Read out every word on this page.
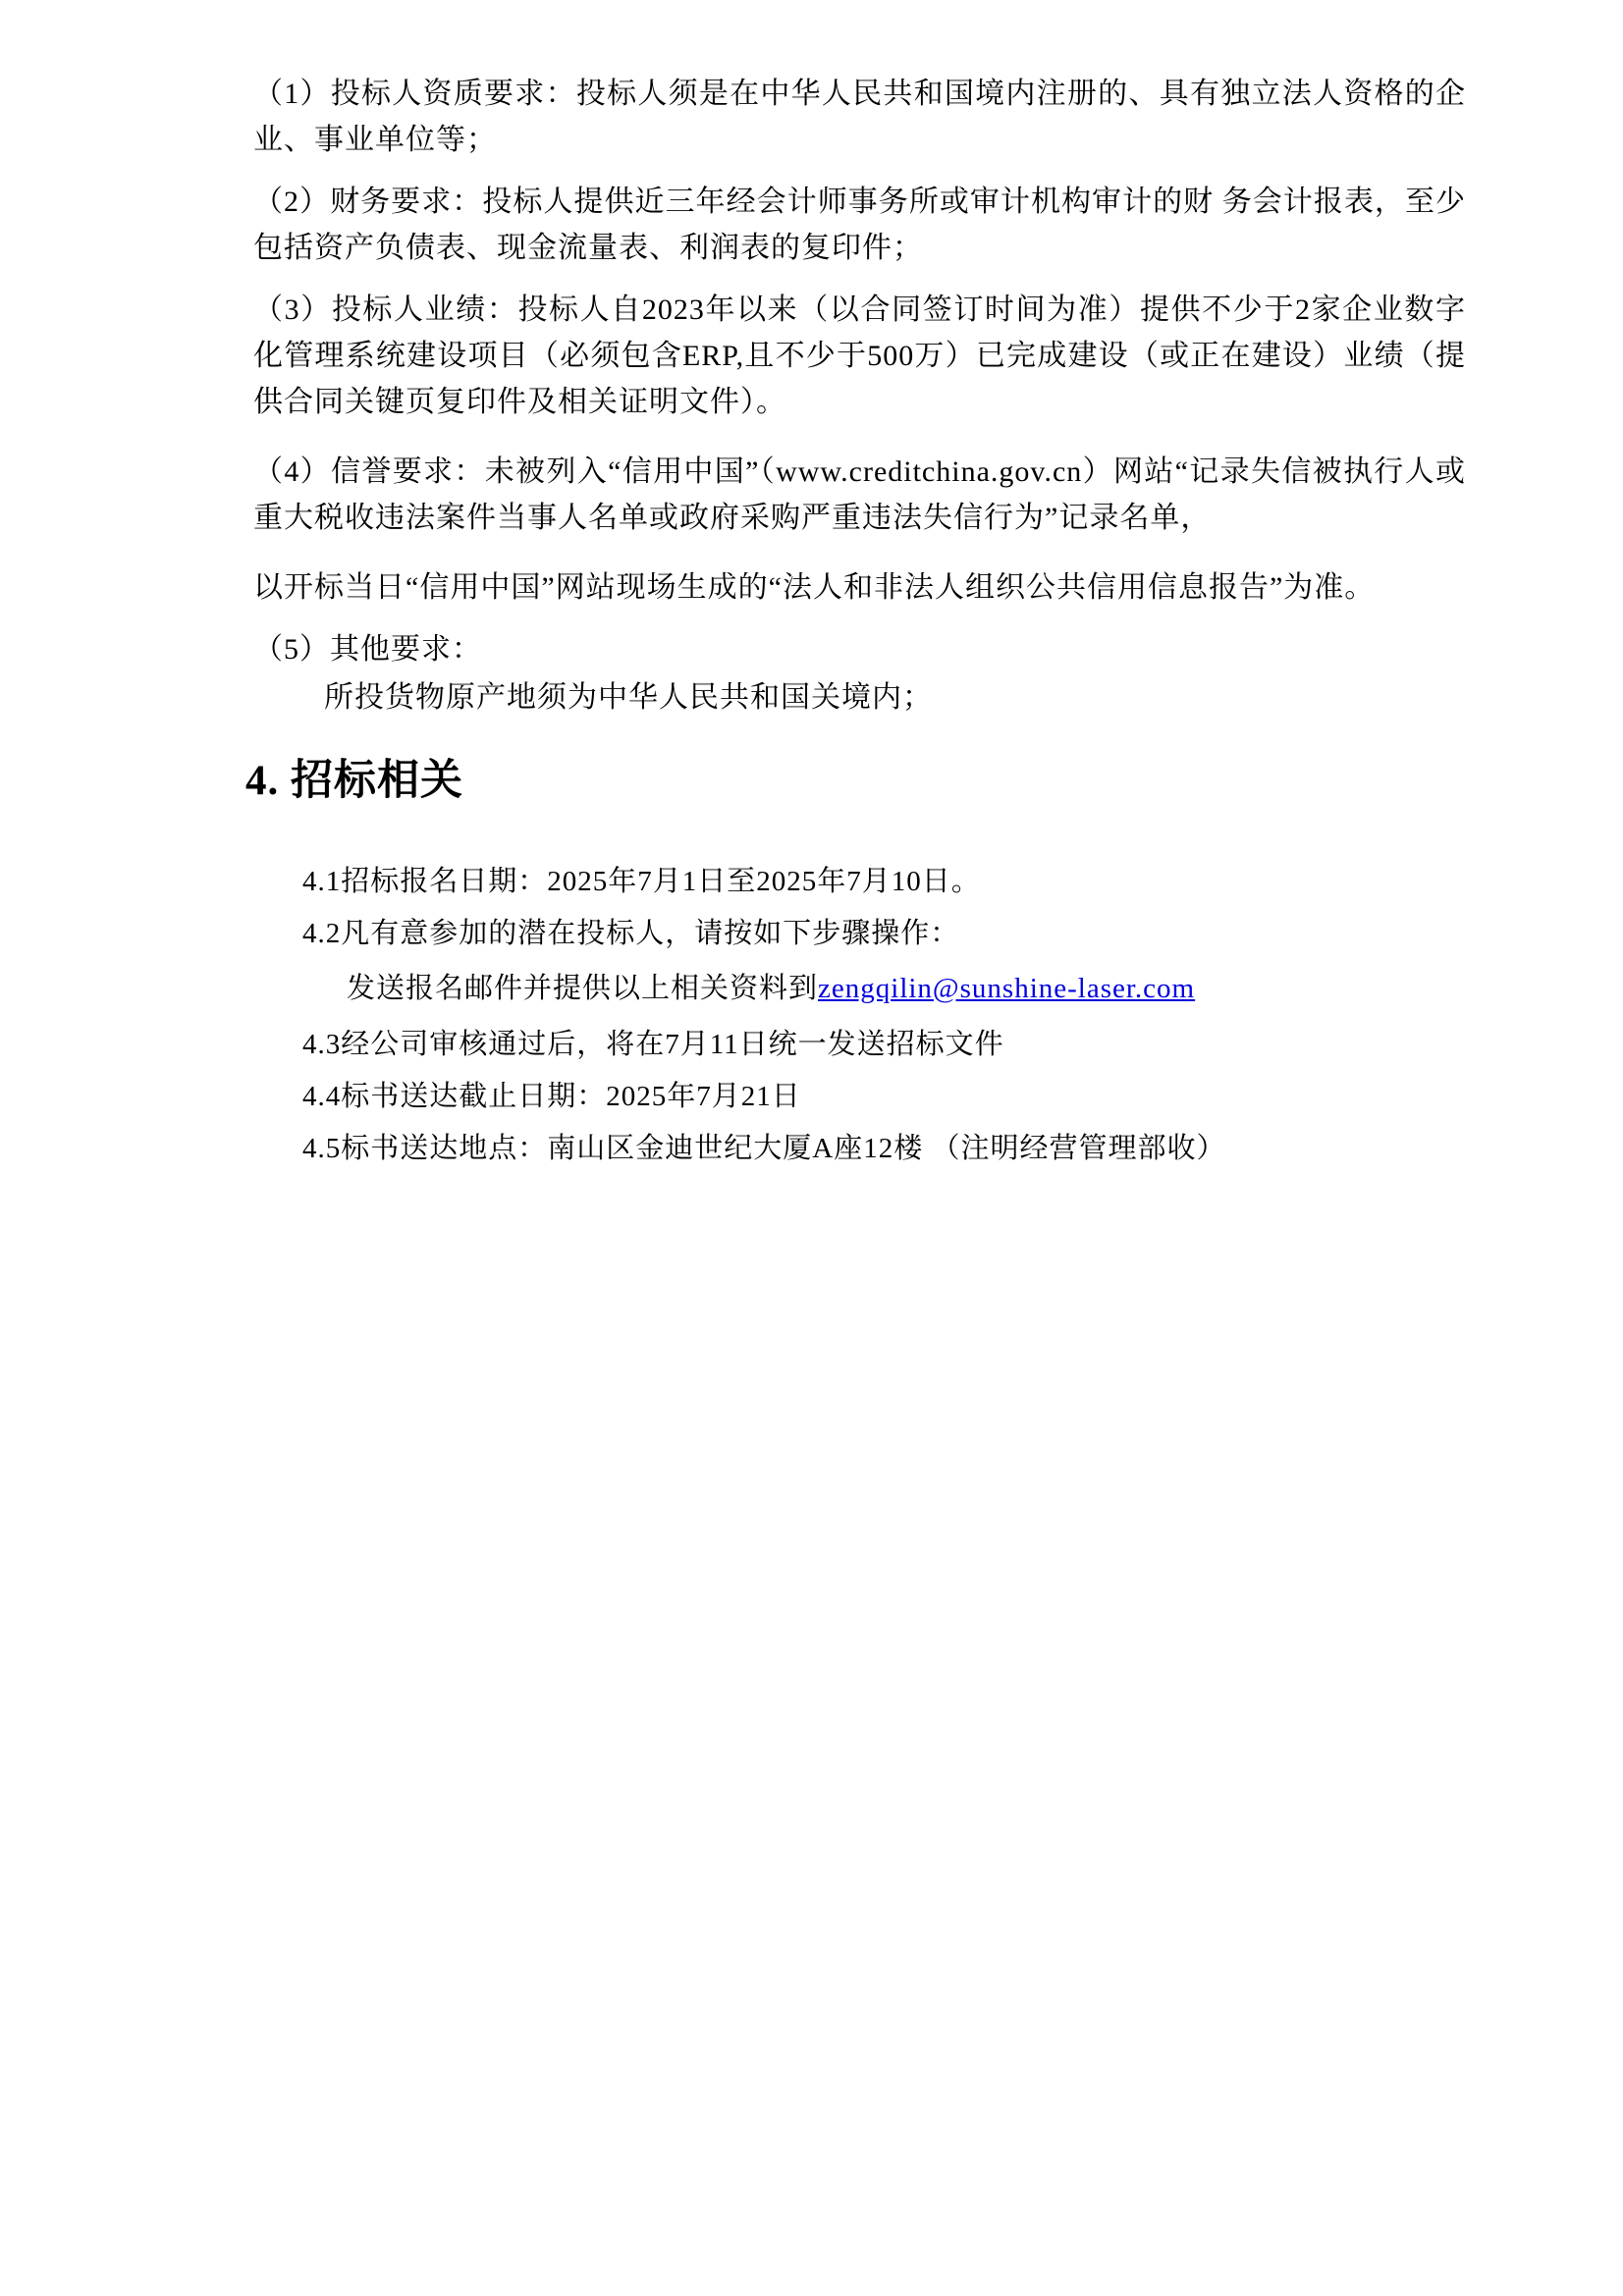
（1）投标人资质要求：投标人须是在中华人民共和国境内注册的、具有独立法人资格的企业、事业单位等；

（2）财务要求：投标人提供近三年经会计师事务所或审计机构审计的财 务会计报表，至少包括资产负债表、现金流量表、利润表的复印件；

（3）投标人业绩：投标人自2023年以来（以合同签订时间为准）提供不少于2家企业数字化管理系统建设项目（必须包含ERP,且不少于500万）已完成建设（或正在建设）业绩（提供合同关键页复印件及相关证明文件）。

（4）信誉要求：未被列入“信用中国”（www.creditchina.gov.cn）网站“记录失信被执行人或重大税收违法案件当事人名单或政府采购严重违法失信行为”记录名单，

以开标当日“信用中国”网站现场生成的“法人和非法人组织公共信用信息报告”为准。

（5）其他要求：

所投货物原产地须为中华人民共和国关境内；

4. 招标相关

4.1招标报名日期：2025年7月1日至2025年7月10日。

4.2凡有意参加的潜在投标人，请按如下步骤操作：

发送报名邮件并提供以上相关资料到zengqilin@sunshine-laser.com

4.3经公司审核通过后，将在7月11日统一发送招标文件

4.4标书送达截止日期：2025年7月21日

4.5标书送达地点：南山区金迪世纪大厦A座12楼 （注明经营管理部收）
